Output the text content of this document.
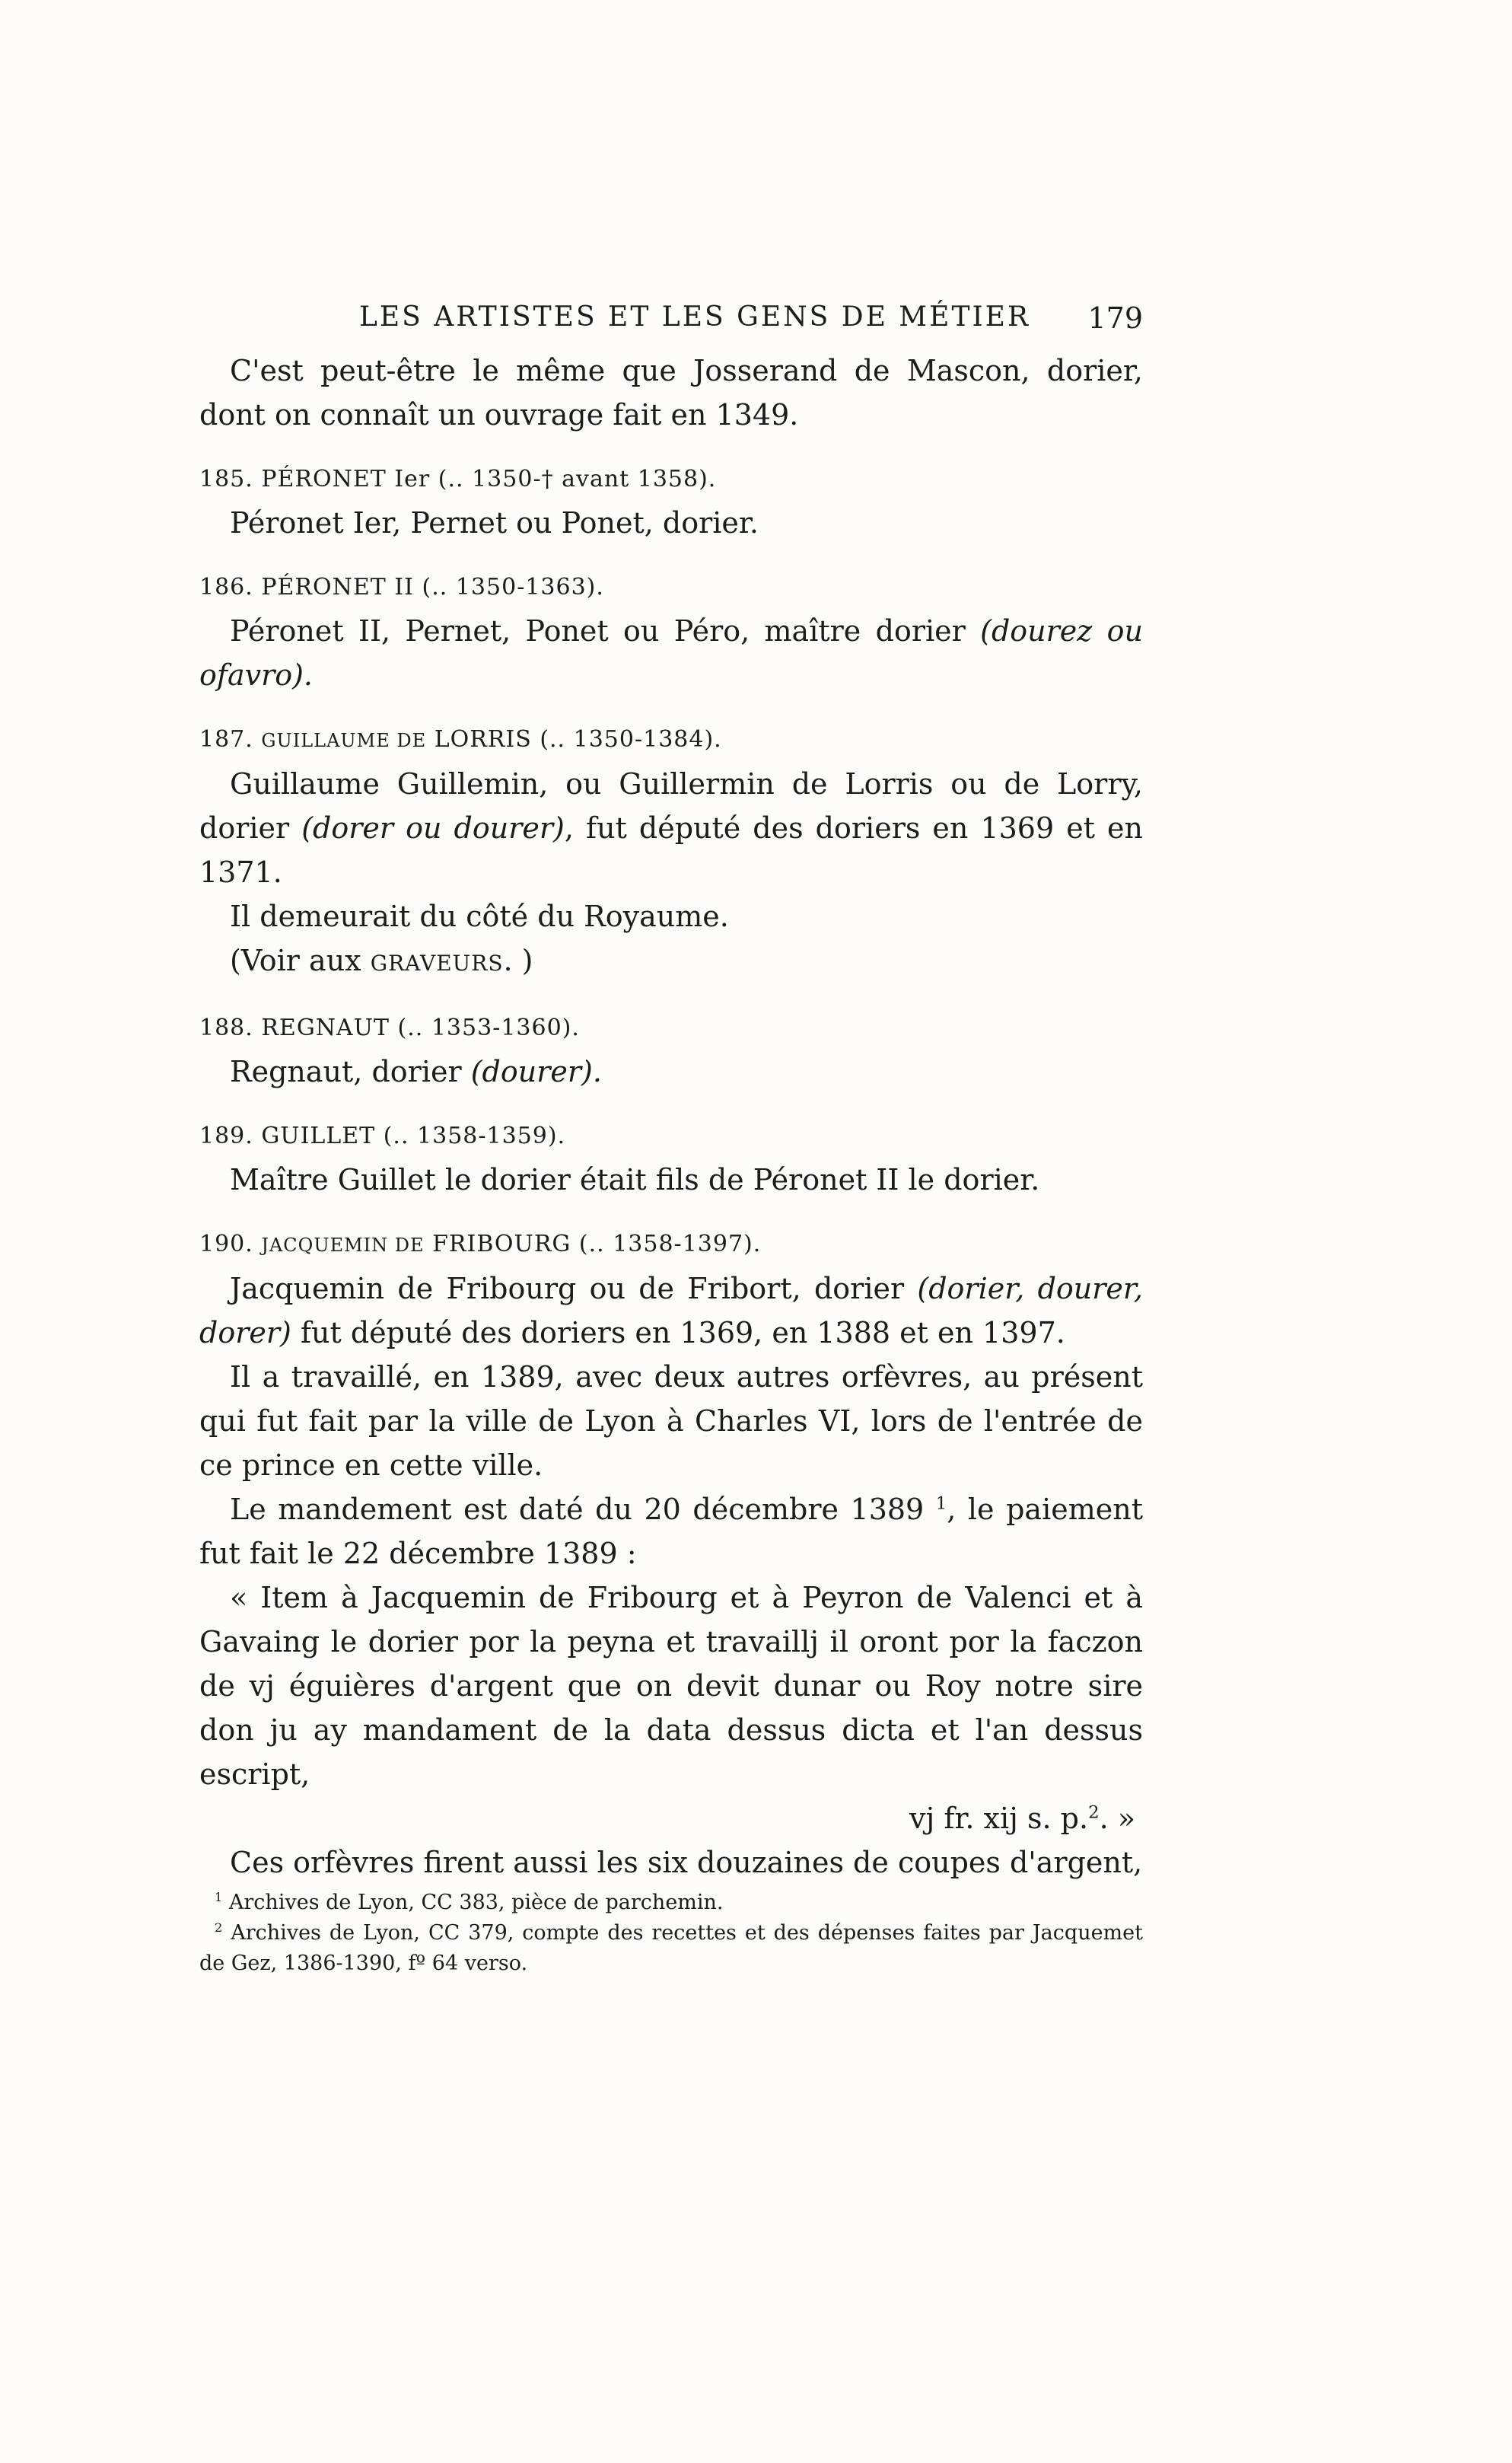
LES ARTISTES ET LES GENS DE MÉTIER 179

C'est peut-être le même que Josserand de Mascon, dorier, dont on connaît un ouvrage fait en 1349.

185. PÉRONET Ier (.. 1350-† avant 1358).

Péronet Ier, Pernet ou Ponet, dorier.

186. PÉRONET II (.. 1350-1363).

Péronet II, Pernet, Ponet ou Péro, maître dorier (dourez ou ofavro).

187. GUILLAUME DE LORRIS (.. 1350-1384).

Guillaume Guillemin, ou Guillermin de Lorris ou de Lorry, dorier (dorer ou dourer), fut député des doriers en 1369 et en 1371.

Il demeurait du côté du Royaume.

(Voir aux GRAVEURS. )

188. REGNAUT (.. 1353-1360).

Regnaut, dorier (dourer).

189. GUILLET (.. 1358-1359).

Maître Guillet le dorier était fils de Péronet II le dorier.

190. JACQUEMIN DE FRIBOURG (.. 1358-1397).

Jacquemin de Fribourg ou de Fribort, dorier (dorier, dourer, dorer) fut député des doriers en 1369, en 1388 et en 1397.

Il a travaillé, en 1389, avec deux autres orfèvres, au présent qui fut fait par la ville de Lyon à Charles VI, lors de l'entrée de ce prince en cette ville.

Le mandement est daté du 20 décembre 1389 $^1$, le paiement fut fait le 22 décembre 1389 :

« Item à Jacquemin de Fribourg et à Peyron de Valenci et à Gavaing le dorier por la peyna et travaillj il oront por la faczon de vj éguières d'argent que on devit dunar ou Roy notre sire don ju ay mandament de la data dessus dicta et l'an dessus escript,

vj fr. xij s. p.$^2$. »

Ces orfèvres firent aussi les six douzaines de coupes d'argent,

$^1$ Archives de Lyon, CC 383, pièce de parchemin.

$^2$ Archives de Lyon, CC 379, compte des recettes et des dépenses faites par Jacquemet de Gez, 1386-1390, fº 64 verso.
